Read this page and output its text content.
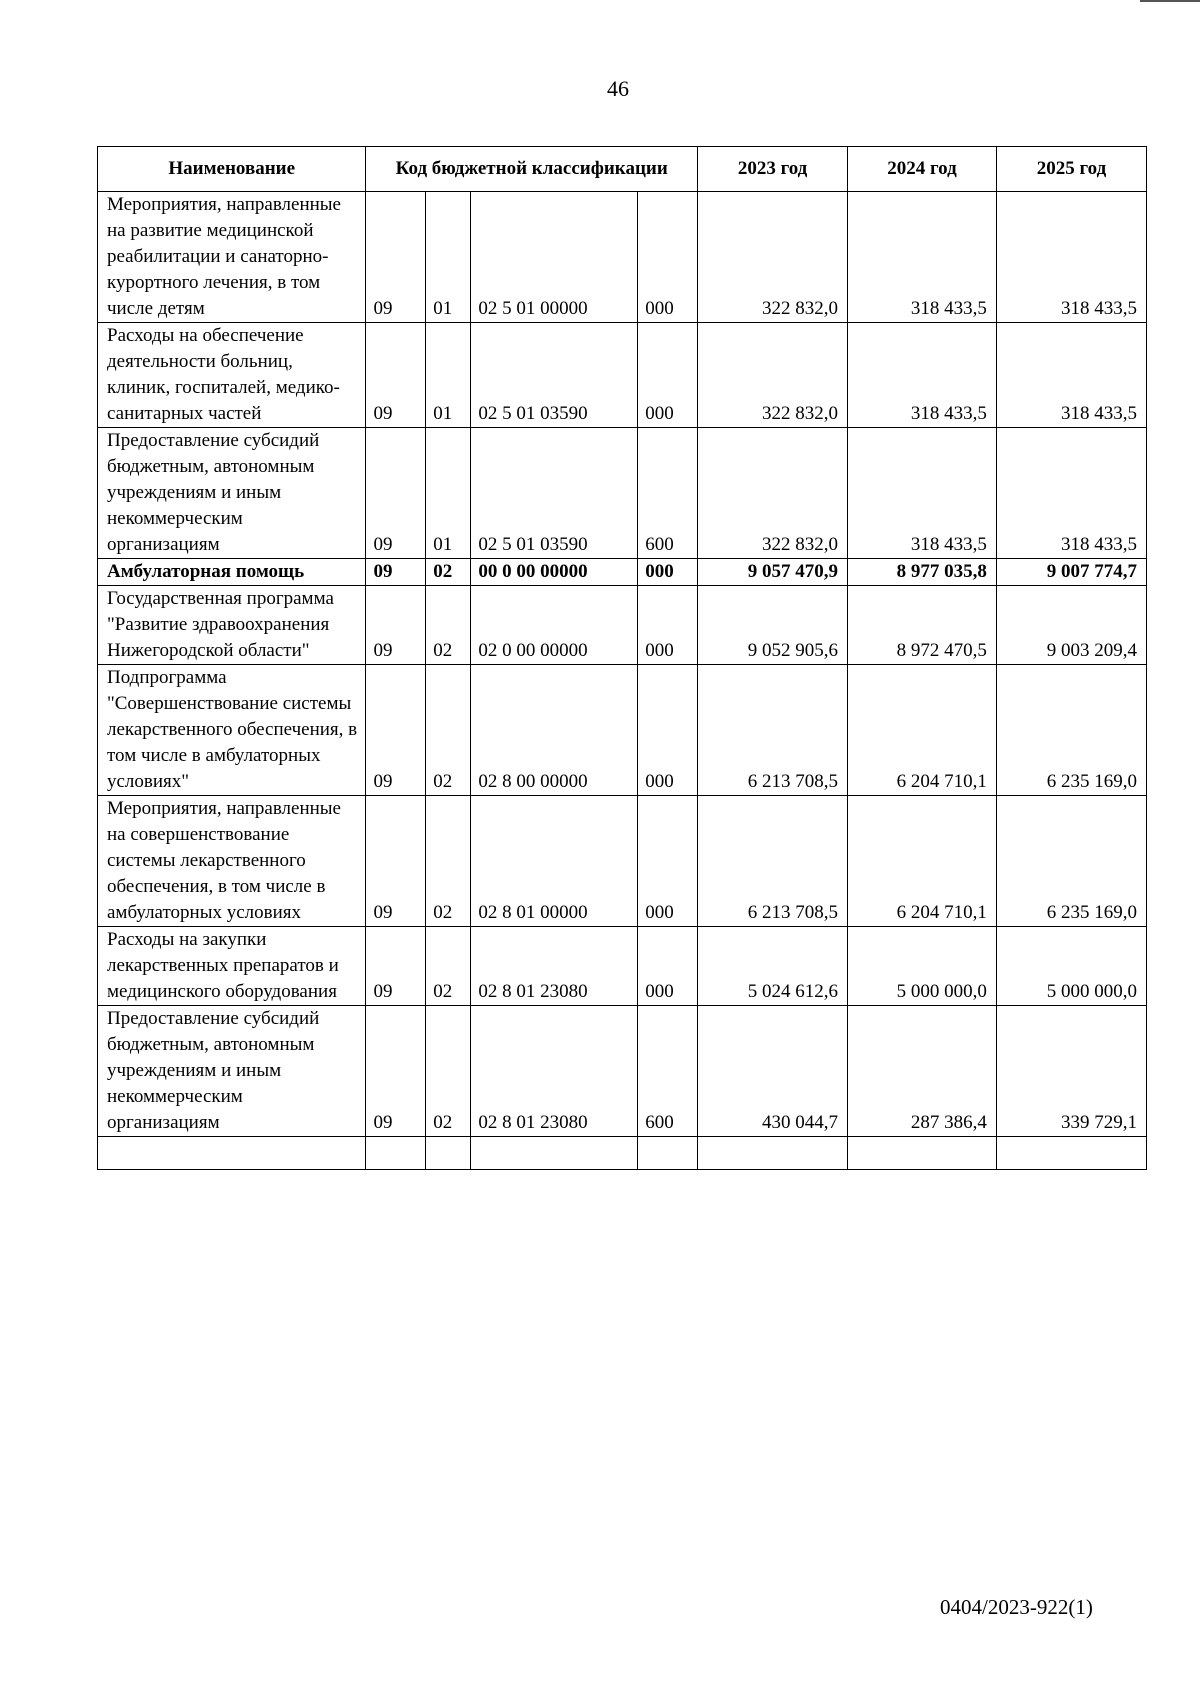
46
Наименование	Код бюджетной классификации				2023 год	2024 год	2025 год
Мероприятия, направленные на развитие медицинской реабилитации и санаторно-курортного лечения, в том числе детям	09	01	02 5 01 00000	000	322 832,0	318 433,5	318 433,5
Расходы на обеспечение деятельности больниц, клиник, госпиталей, медико-санитарных частей	09	01	02 5 01 03590	000	322 832,0	318 433,5	318 433,5
Предоставление субсидий бюджетным, автономным учреждениям и иным некоммерческим организациям	09	01	02 5 01 03590	600	322 832,0	318 433,5	318 433,5
Амбулаторная помощь	09	02	00 0 00 00000	000	9 057 470,9	8 977 035,8	9 007 774,7
Государственная программа "Развитие здравоохранения Нижегородской области"	09	02	02 0 00 00000	000	9 052 905,6	8 972 470,5	9 003 209,4
Подпрограмма "Совершенствование системы лекарственного обеспечения, в том числе в амбулаторных условиях"	09	02	02 8 00 00000	000	6 213 708,5	6 204 710,1	6 235 169,0
Мероприятия, направленные на совершенствование системы лекарственного обеспечения, в том числе в амбулаторных условиях	09	02	02 8 01 00000	000	6 213 708,5	6 204 710,1	6 235 169,0
Расходы на закупки лекарственных препаратов и медицинского оборудования	09	02	02 8 01 23080	000	5 024 612,6	5 000 000,0	5 000 000,0
Предоставление субсидий бюджетным, автономным учреждениям и иным некоммерческим организациям	09	02	02 8 01 23080	600	430 044,7	287 386,4	339 729,1

0404/2023-922(1)
